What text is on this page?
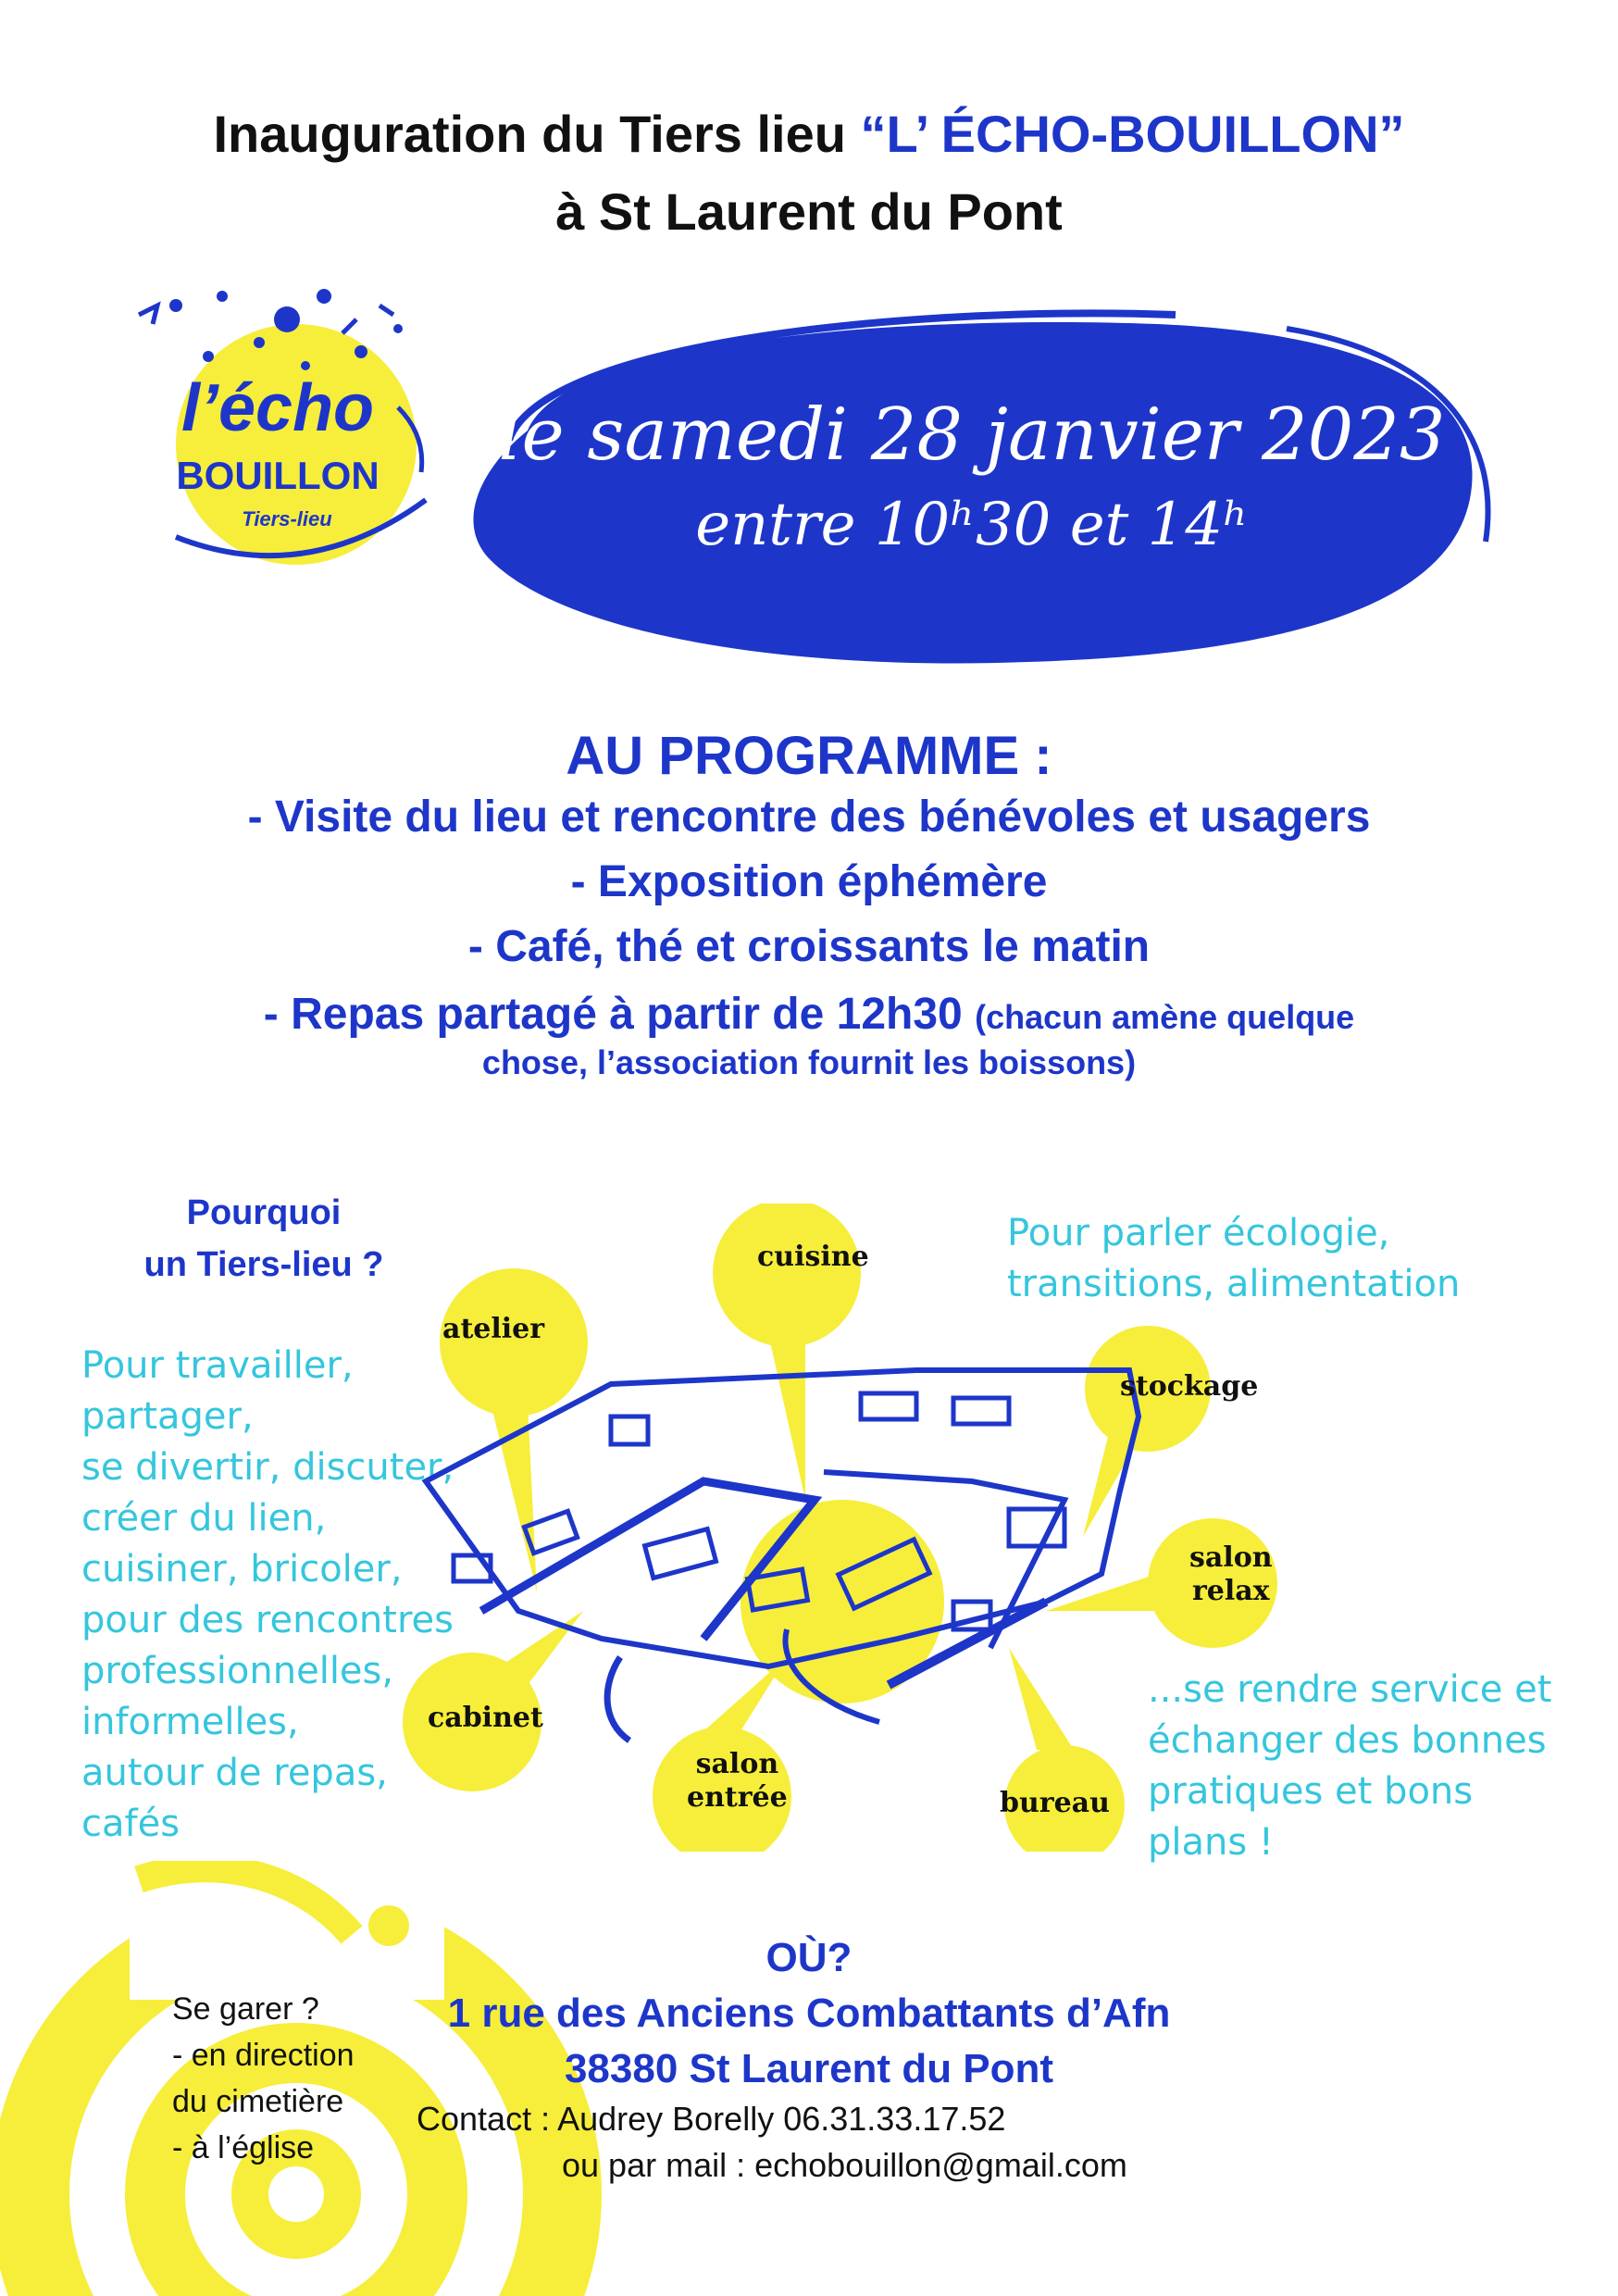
Inauguration du Tiers lieu “L’ ÉCHO-BOUILLON”
à St Laurent du Pont
l’écho
BOUILLON
Tiers-lieu
le samedi 28 janvier 2023
entre 10ʰ30 et 14ʰ
AU PROGRAMME :
- Visite du lieu et rencontre des bénévoles et usagers
- Exposition éphémère
- Café, thé et croissants le matin
- Repas partagé à partir de 12h30 (chacun amène quelque
chose, l’association fournit les boissons)
Pourquoi
un Tiers-lieu ?
Pour travailler,
partager,
se divertir, discuter,
créer du lien,
cuisiner, bricoler,
pour des rencontres
professionnelles,
informelles,
autour de repas,
cafés
Pour parler écologie,
transitions, alimentation
...se rendre service et
échanger des bonnes
pratiques et bons
plans !
atelier
cuisine
stockage
salon
relax
cabinet
salon
entrée	bureau
OÙ?
1 rue des Anciens Combattants d’Afn
38380 St Laurent du Pont
Contact : Audrey Borelly 06.31.33.17.52
ou par mail : echobouillon@gmail.com
Se garer ?
- en direction
du cimetière
- à l’église
